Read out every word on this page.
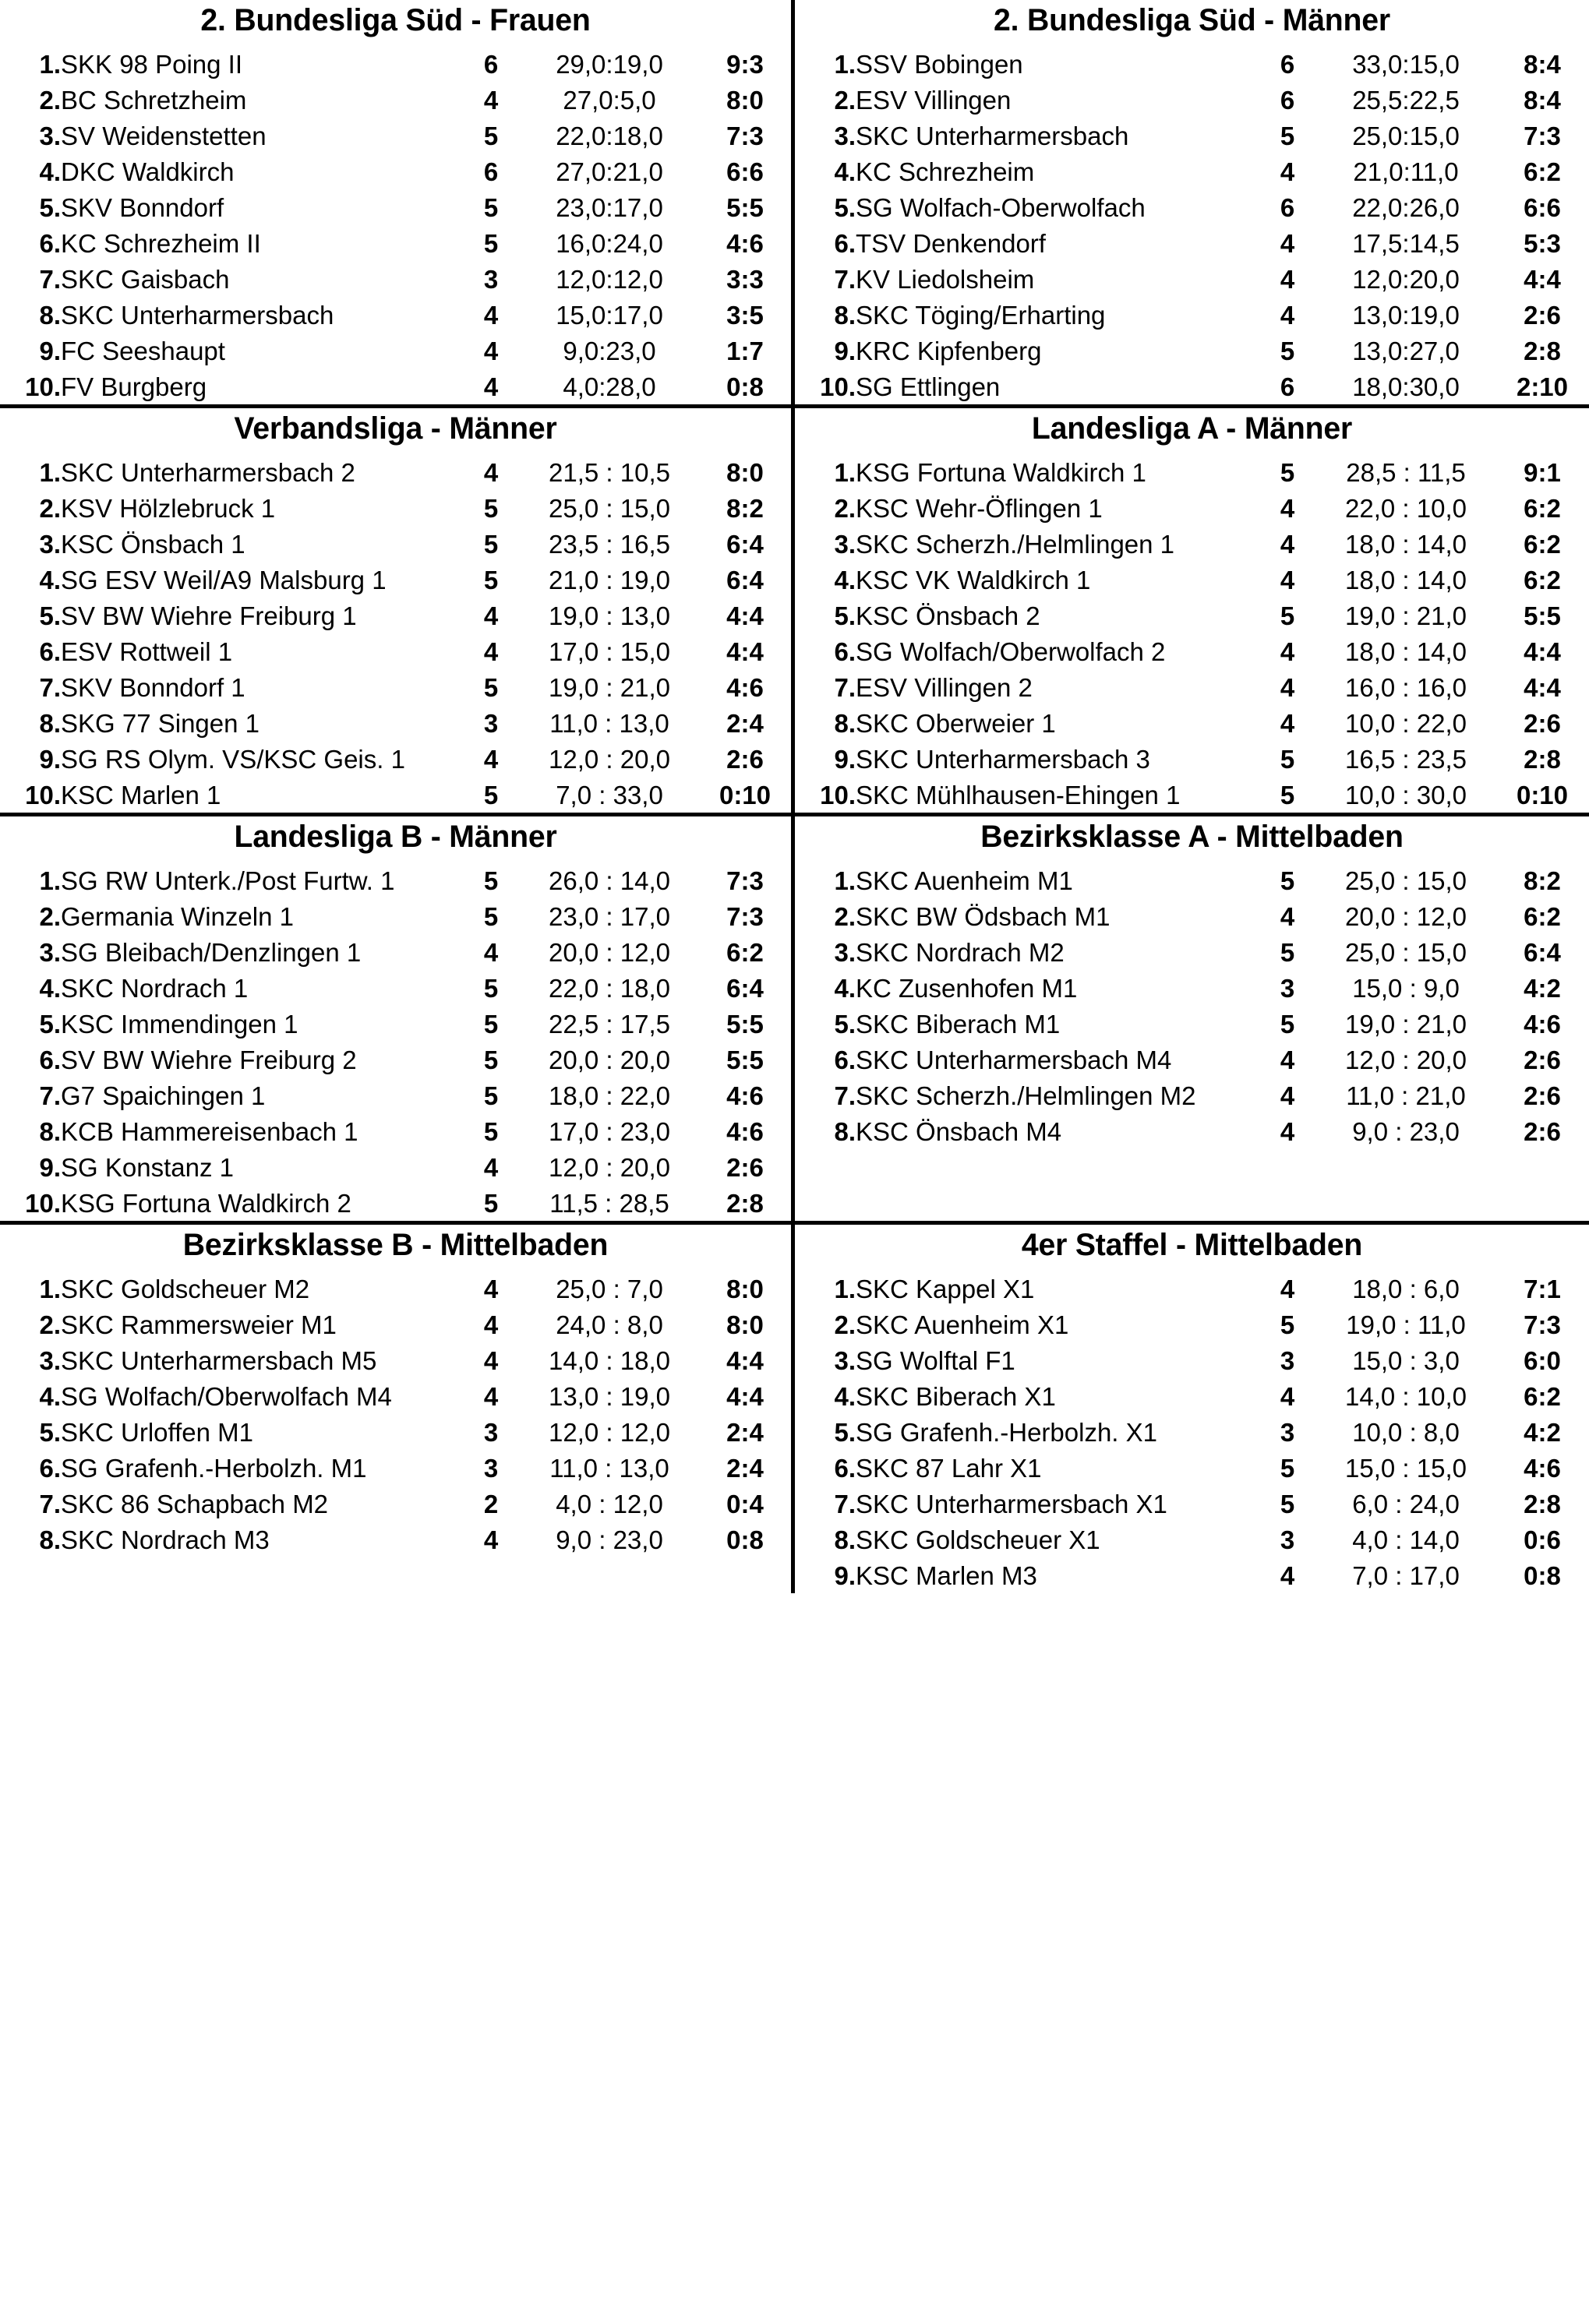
2. Bundesliga Süd - Frauen
1.	SKK 98 Poing II	6	29,0:19,0	9:3
2.	BC Schretzheim	4	27,0:5,0	8:0
3.	SV Weidenstetten	5	22,0:18,0	7:3
4.	DKC Waldkirch	6	27,0:21,0	6:6
5.	SKV Bonndorf	5	23,0:17,0	5:5
6.	KC Schrezheim II	5	16,0:24,0	4:6
7.	SKC Gaisbach	3	12,0:12,0	3:3
8.	SKC Unterharmersbach	4	15,0:17,0	3:5
9.	FC Seeshaupt	4	9,0:23,0	1:7
10.	FV Burgberg	4	4,0:28,0	0:8
2. Bundesliga Süd - Männer
1.	SSV Bobingen	6	33,0:15,0	8:4
2.	ESV Villingen	6	25,5:22,5	8:4
3.	SKC Unterharmersbach	5	25,0:15,0	7:3
4.	KC Schrezheim	4	21,0:11,0	6:2
5.	SG Wolfach-Oberwolfach	6	22,0:26,0	6:6
6.	TSV Denkendorf	4	17,5:14,5	5:3
7.	KV Liedolsheim	4	12,0:20,0	4:4
8.	SKC Töging/Erharting	4	13,0:19,0	2:6
9.	KRC Kipfenberg	5	13,0:27,0	2:8
10.	SG Ettlingen	6	18,0:30,0	2:10
Verbandsliga - Männer
1.	SKC Unterharmersbach 2	4	21,5 : 10,5	8:0
2.	KSV Hölzlebruck 1	5	25,0 : 15,0	8:2
3.	KSC Önsbach 1	5	23,5 : 16,5	6:4
4.	SG ESV Weil/A9 Malsburg 1	5	21,0 : 19,0	6:4
5.	SV BW Wiehre Freiburg 1	4	19,0 : 13,0	4:4
6.	ESV Rottweil 1	4	17,0 : 15,0	4:4
7.	SKV Bonndorf 1	5	19,0 : 21,0	4:6
8.	SKG 77 Singen 1	3	11,0 : 13,0	2:4
9.	SG RS Olym. VS/KSC Geis. 1	4	12,0 : 20,0	2:6
10.	KSC Marlen 1	5	7,0 : 33,0	0:10
Landesliga A - Männer
1.	KSG Fortuna Waldkirch 1	5	28,5 : 11,5	9:1
2.	KSC Wehr-Öflingen 1	4	22,0 : 10,0	6:2
3.	SKC Scherzh./Helmlingen 1	4	18,0 : 14,0	6:2
4.	KSC VK Waldkirch 1	4	18,0 : 14,0	6:2
5.	KSC Önsbach 2	5	19,0 : 21,0	5:5
6.	SG Wolfach/Oberwolfach 2	4	18,0 : 14,0	4:4
7.	ESV Villingen 2	4	16,0 : 16,0	4:4
8.	SKC Oberweier 1	4	10,0 : 22,0	2:6
9.	SKC Unterharmersbach 3	5	16,5 : 23,5	2:8
10.	SKC Mühlhausen-Ehingen 1	5	10,0 : 30,0	0:10
Landesliga B - Männer
1.	SG RW Unterk./Post Furtw. 1	5	26,0 : 14,0	7:3
2.	Germania Winzeln 1	5	23,0 : 17,0	7:3
3.	SG Bleibach/Denzlingen 1	4	20,0 : 12,0	6:2
4.	SKC Nordrach 1	5	22,0 : 18,0	6:4
5.	KSC Immendingen 1	5	22,5 : 17,5	5:5
6.	SV BW Wiehre Freiburg 2	5	20,0 : 20,0	5:5
7.	G7 Spaichingen 1	5	18,0 : 22,0	4:6
8.	KCB Hammereisenbach 1	5	17,0 : 23,0	4:6
9.	SG Konstanz 1	4	12,0 : 20,0	2:6
10.	KSG Fortuna Waldkirch 2	5	11,5 : 28,5	2:8
Bezirksklasse A - Mittelbaden
1.	SKC Auenheim M1	5	25,0 : 15,0	8:2
2.	SKC BW Ödsbach M1	4	20,0 : 12,0	6:2
3.	SKC Nordrach M2	5	25,0 : 15,0	6:4
4.	KC Zusenhofen M1	3	15,0 : 9,0	4:2
5.	SKC Biberach M1	5	19,0 : 21,0	4:6
6.	SKC Unterharmersbach M4	4	12,0 : 20,0	2:6
7.	SKC Scherzh./Helmlingen M2	4	11,0 : 21,0	2:6
8.	KSC Önsbach M4	4	9,0 : 23,0	2:6
Bezirksklasse B - Mittelbaden
1.	SKC Goldscheuer M2	4	25,0 : 7,0	8:0
2.	SKC Rammersweier M1	4	24,0 : 8,0	8:0
3.	SKC Unterharmersbach M5	4	14,0 : 18,0	4:4
4.	SG Wolfach/Oberwolfach M4	4	13,0 : 19,0	4:4
5.	SKC Urloffen M1	3	12,0 : 12,0	2:4
6.	SG Grafenh.-Herbolzh. M1	3	11,0 : 13,0	2:4
7.	SKC 86 Schapbach M2	2	4,0 : 12,0	0:4
8.	SKC Nordrach M3	4	9,0 : 23,0	0:8
4er Staffel - Mittelbaden
1.	SKC Kappel X1	4	18,0 : 6,0	7:1
2.	SKC Auenheim X1	5	19,0 : 11,0	7:3
3.	SG Wolftal F1	3	15,0 : 3,0	6:0
4.	SKC Biberach X1	4	14,0 : 10,0	6:2
5.	SG Grafenh.-Herbolzh. X1	3	10,0 : 8,0	4:2
6.	SKC 87 Lahr X1	5	15,0 : 15,0	4:6
7.	SKC Unterharmersbach X1	5	6,0 : 24,0	2:8
8.	SKC Goldscheuer X1	3	4,0 : 14,0	0:6
9.	KSC Marlen M3	4	7,0 : 17,0	0:8
